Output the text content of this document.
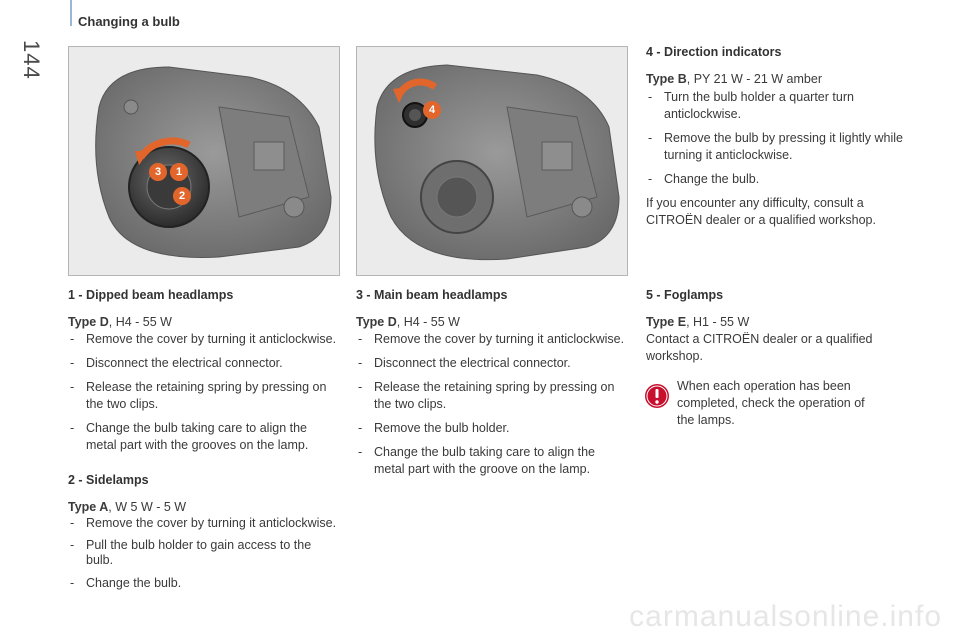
144
Changing a bulb
3	1
2
4
4 - Direction indicators

Type B, PY 21 W - 21 W amber

- Turn the bulb holder a quarter turn anticlockwise.
- Remove the bulb by pressing it lightly while turning it anticlockwise.
- Change the bulb.

If you encounter any difficulty, consult a CITROËN dealer or a qualified workshop.

1 - Dipped beam headlamps

Type D, H4 - 55 W

- Remove the cover by turning it anticlockwise.
- Disconnect the electrical connector.
- Release the retaining spring by pressing on the two clips.
- Change the bulb taking care to align the metal part with the grooves on the lamp.
2 - Sidelamps

Type A, W 5 W - 5 W

- Remove the cover by turning it anticlockwise.
- Pull the bulb holder to gain access to the bulb.
- Change the bulb.
3 - Main beam headlamps

Type D, H4 - 55 W

- Remove the cover by turning it anticlockwise.
- Disconnect the electrical connector.
- Release the retaining spring by pressing on the two clips.
- Remove the bulb holder.
- Change the bulb taking care to align the metal part with the groove on the lamp.
5 - Foglamps

Type E, H1 - 55 W

Contact a CITROËN dealer or a qualified workshop.

When each operation has been completed, check the operation of the lamps.
carmanualsonline.info
